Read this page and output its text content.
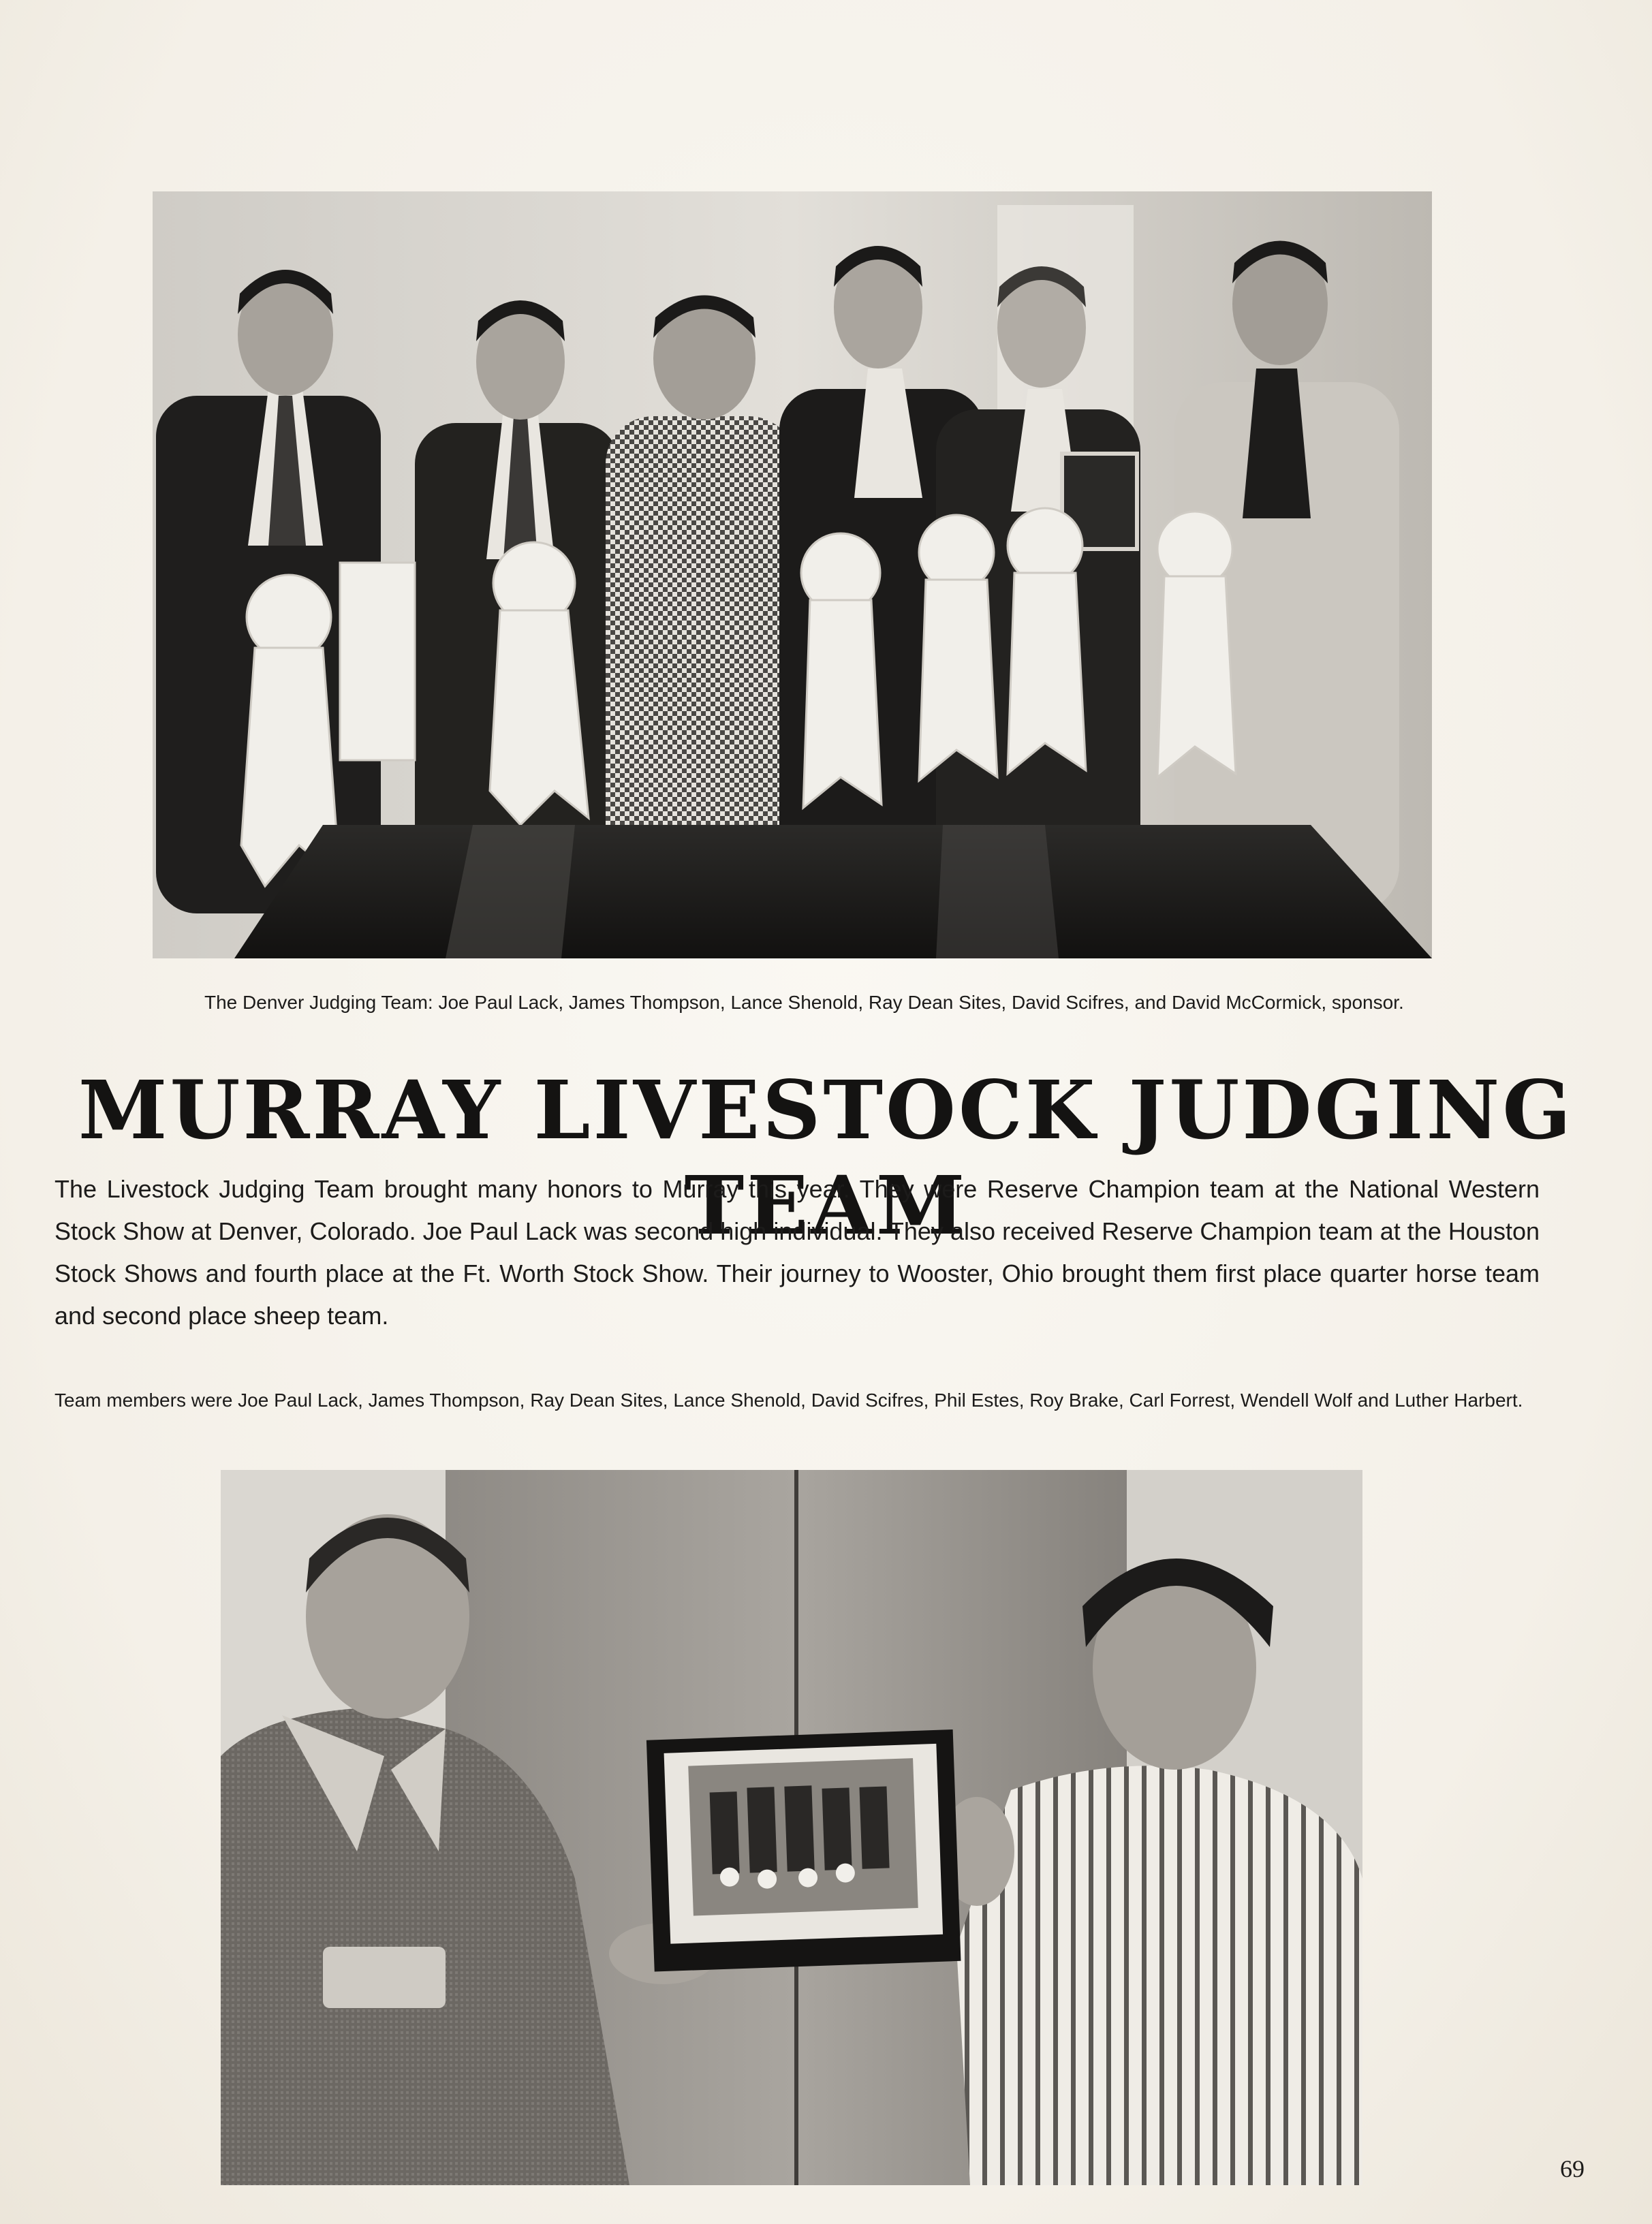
The Denver Judging Team: Joe Paul Lack, James Thompson, Lance Shenold, Ray Dean Sites, David Scifres, and David McCormick, sponsor.
MURRAY LIVESTOCK JUDGING TEAM
The Livestock Judging Team brought many honors to Murray this year. They were Reserve Champion team at the National Western Stock Show at Denver, Colorado. Joe Paul Lack was second high individual. They also received Reserve Champion team at the Houston Stock Shows and fourth place at the Ft. Worth Stock Show. Their journey to Wooster, Ohio brought them first place quarter horse team and second place sheep team.
Team members were Joe Paul Lack, James Thompson, Ray Dean Sites, Lance Shenold, David Scifres, Phil Estes, Roy Brake, Carl Forrest, Wendell Wolf and Luther Harbert.
69
